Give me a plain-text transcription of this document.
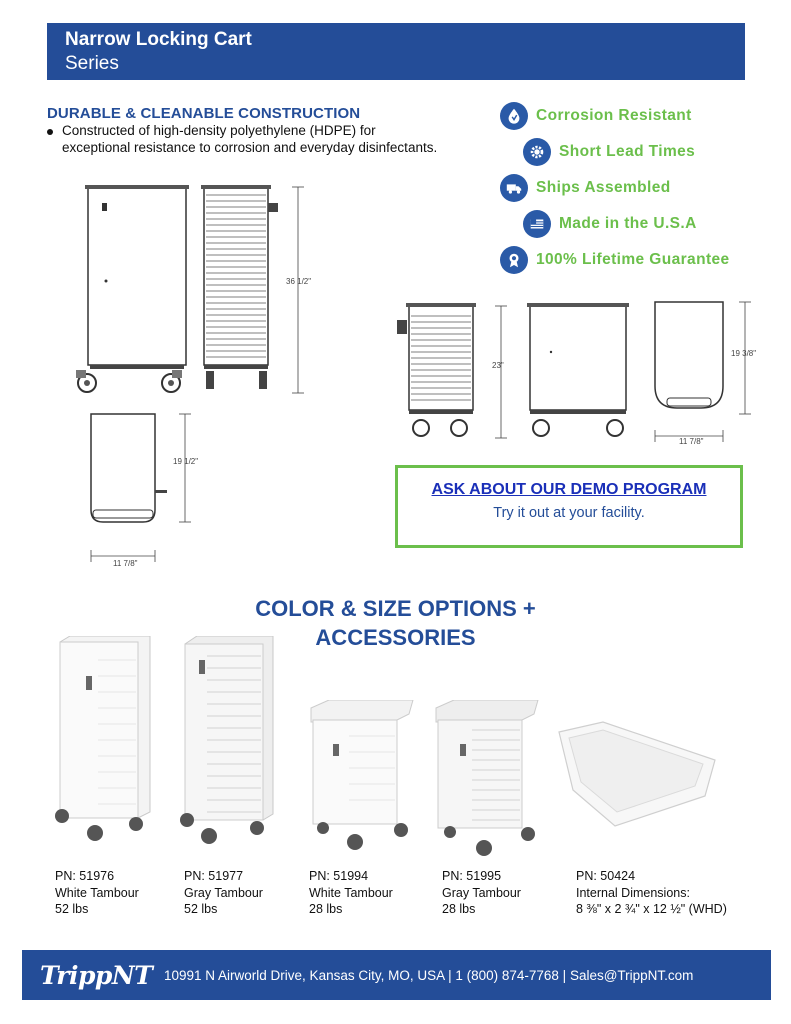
Narrow Locking Cart
Series
DURABLE & CLEANABLE CONSTRUCTION
Constructed of high-density polyethylene (HDPE) for exceptional resistance to corrosion and everyday disinfectants.
Corrosion Resistant
Short Lead Times
Ships Assembled
Made in the U.S.A
100% Lifetime Guarantee
36 1/2"
19 1/2"
11 7/8"
23"
19 3/8"
11 7/8"
ASK ABOUT OUR DEMO PROGRAM
Try it out at your facility.
COLOR & SIZE OPTIONS +
ACCESSORIES
PN: 51976
White Tambour
52 lbs
PN: 51977
Gray Tambour
52 lbs
PN: 51994
White Tambour
28 lbs
PN: 51995
Gray Tambour
28 lbs
PN: 50424
Internal Dimensions:
8 ⅜" x 2 ¾" x 12 ½" (WHD)
TrippNT 10991 N Airworld Drive, Kansas City, MO, USA | 1 (800) 874-7768 | Sales@TrippNT.com
